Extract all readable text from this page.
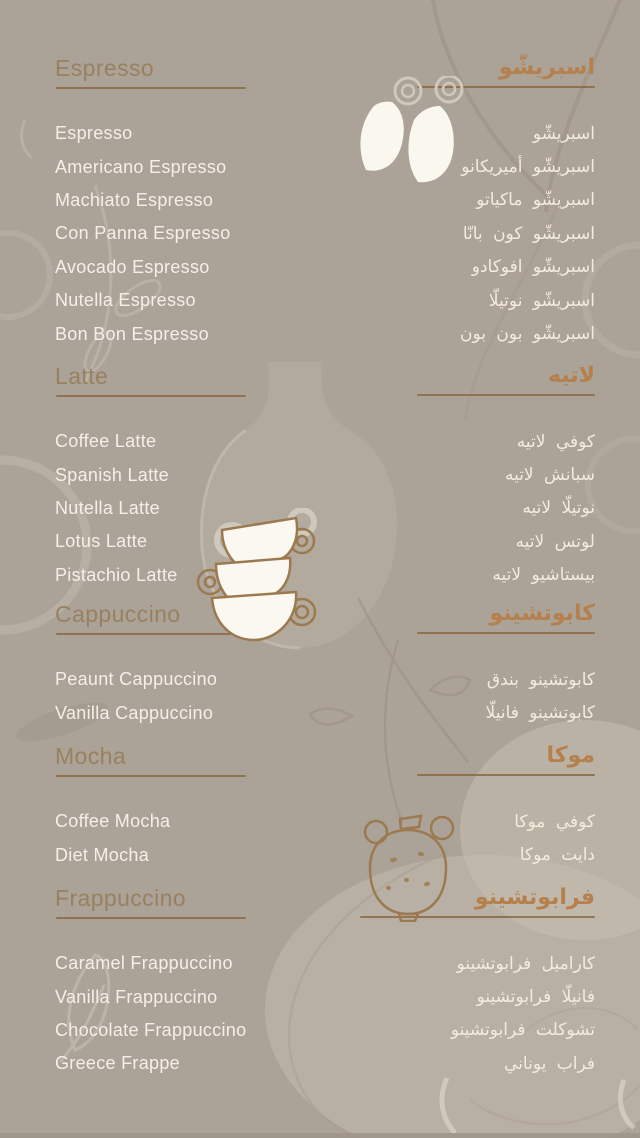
Espresso	اسبريشّو
Espresso	اسبريشّو
Americano Espresso	اسبريشّو أميريكانو
Machiato Espresso	اسبريشّو ماكياتو
Con Panna Espresso	اسبريشّو كون بانّا
Avocado Espresso	اسبريشّو افوكادو
Nutella Espresso	اسبريشّو نوتيلّا
Bon Bon Espresso	اسبريشّو بون بون
Latte	لاتيه
Coffee Latte	كوفي لاتيه
Spanish Latte	سبانش لاتيه
Nutella Latte	نوتيلّا لاتيه
Lotus Latte	لوتس لاتيه
Pistachio Latte	بيستاشيو لاتيه
Cappuccino	كابوتشينو
Peaunt Cappuccino	كابوتشينو بندق
Vanilla Cappuccino	كابوتشينو فانيلّا
Mocha	موكا
Coffee Mocha	كوفي موكا
Diet Mocha	دايت موكا
Frappuccino	فرابوتشينو
Caramel Frappuccino	كاراميل فرابوتشينو
Vanilla Frappuccino	فانيلّا فرابوتشينو
Chocolate Frappuccino	تشوكلت فرابوتشينو
Greece Frappe	فراب يوناني
